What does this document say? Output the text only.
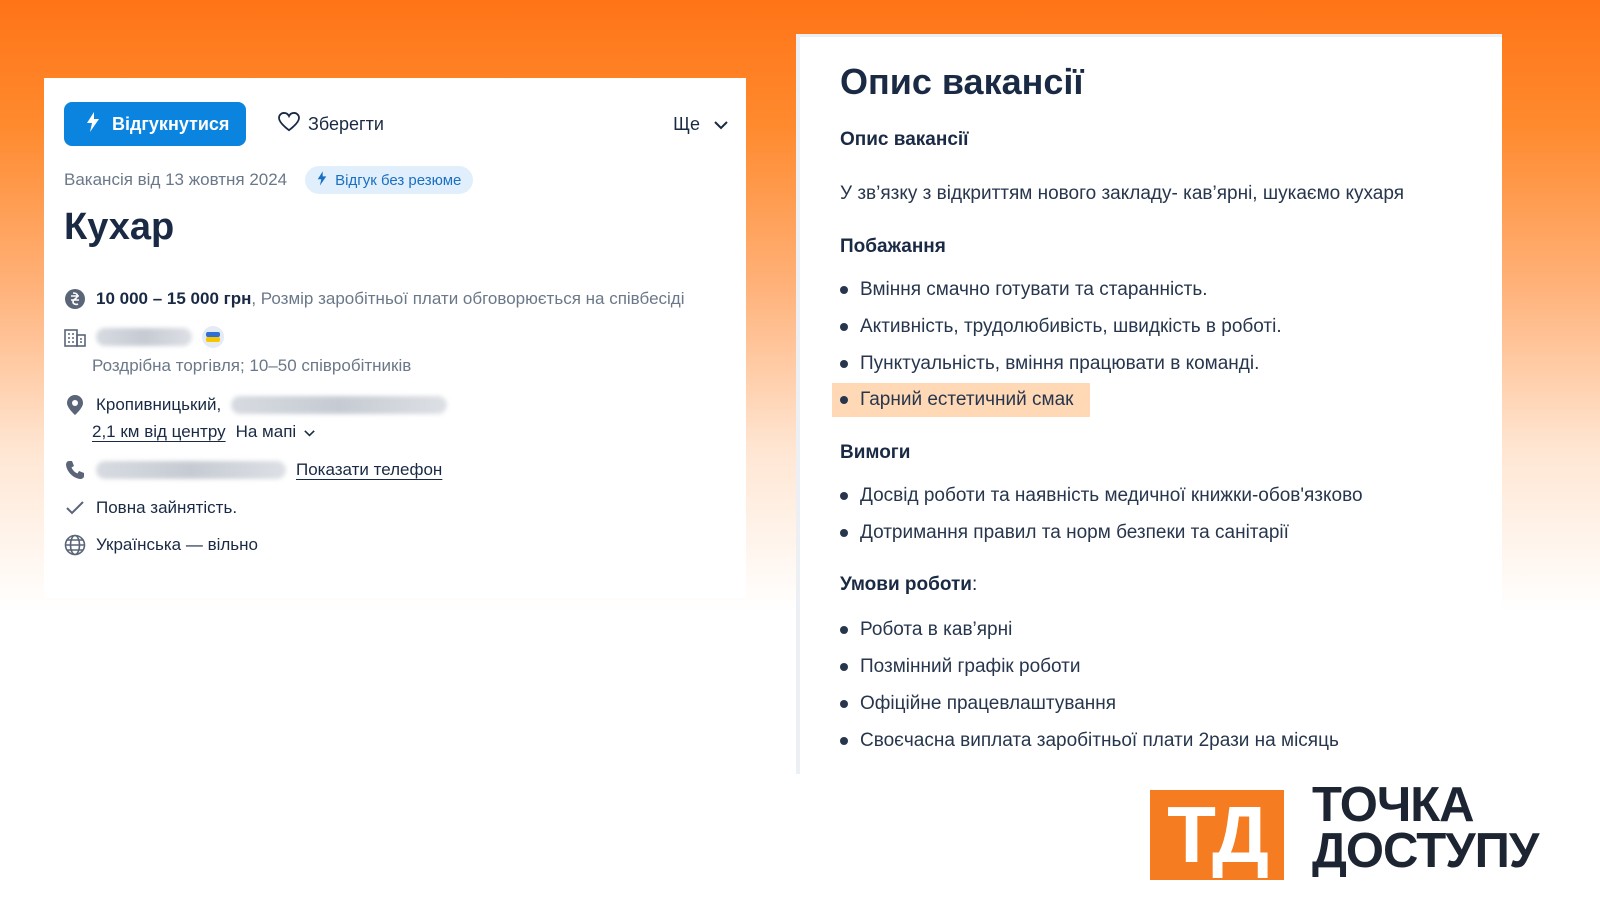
Відгукнутися	Зберегти	Ще
Вакансія від 13 жовтня 2024	Відгук без резюме
Кухар
10 000 – 15 000 грн, Розмір заробітньої плати обговорюється на співбесіді
Роздрібна торгівля; 10–50 співробітників
Кропивницький,
2,1 км від центру На мапі
Показати телефон
Повна зайнятість.
Українська — вільно
Опис вакансії
Опис вакансії
У зв’язку з відкриттям нового закладу- кав’ярні, шукаємо кухаря
Побажання
Вміння смачно готувати та старанність.
Активність, трудолюбивість, швидкість в роботі.
Пунктуальність, вміння працювати в команді.
Гарний естетичний смак
Вимоги
Досвід роботи та наявність медичної книжки-обов'язково
Дотримання правил та норм безпеки та санітарії
Умови роботи:
Робота в кав’ярні
Позмінний графік роботи
Офіційне працевлаштування
Своєчасна виплата заробітньої плати 2рази на місяць
ТД ТОЧКА
ДОСТУПУ
